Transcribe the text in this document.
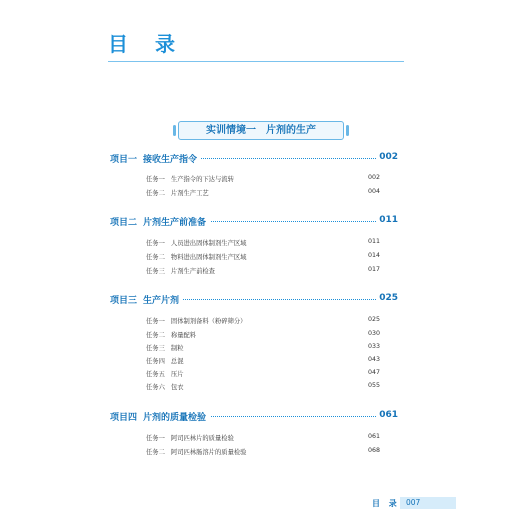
目 录
实训情境一　片剂的生产
项目一 接收生产指令	002
任务一 生产指令的下达与流转	002
任务二 片剂生产工艺	004
项目二 片剂生产前准备	011
任务一 人员进出固体制剂生产区域	011
任务二 物料进出固体制剂生产区域	014
任务三 片剂生产前检查	017
项目三 生产片剂	025
任务一 固体制剂备料（粉碎筛分）	025
任务二 称量配料	030
任务三 制粒	033
任务四 总混	043
任务五 压片	047
任务六 包衣	055
项目四 片剂的质量检验	061
任务一 阿司匹林片的质量检验	061
任务二 阿司匹林肠溶片的质量检验	068
目 录 007
